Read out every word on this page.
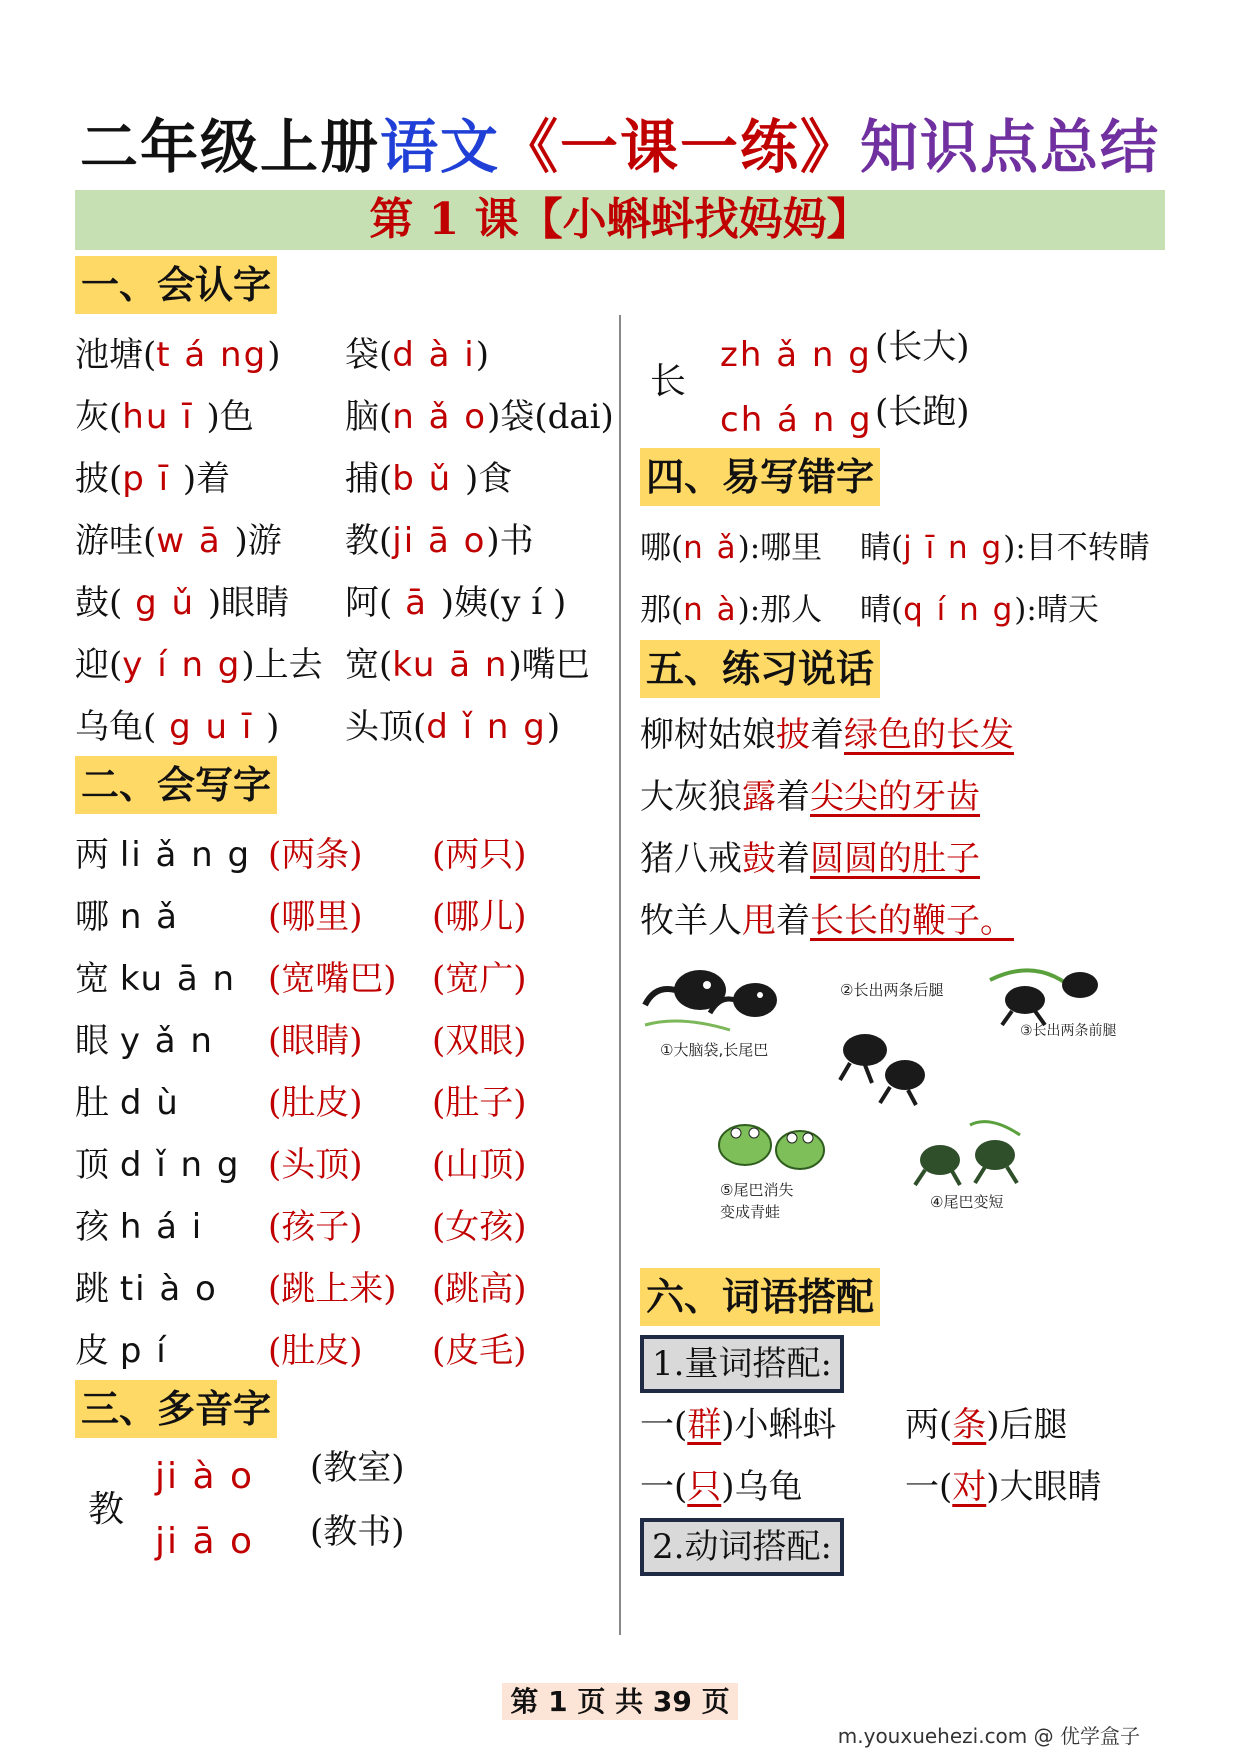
二年级上册语文《一课一练》知识点总结
第 1 课【小蝌蚪找妈妈】
一、会认字
池塘(t á ng) 袋(d à i)
灰(hu ī )色	脑(n ǎ o)袋(dai)
披(p ī )着	捕(b ǔ )食
游哇(w ā )游 教(ji ā o)书
鼓( g ǔ )眼睛 阿( ā )姨(y í )
迎(y í n g)上去 宽(ku ā n)嘴巴
乌龟( g u ī ) 头顶(d ǐ n g)
二、会写字
两 li ǎ n g (两条) (两只)
哪 n ǎ	(哪里) (哪儿)
宽 ku ā n (宽嘴巴) (宽广)
眼 y ǎ n (眼睛) (双眼)
肚 d ù	(肚皮) (肚子)
顶 d ǐ n g (头顶) (山顶)
孩 h á i (孩子) (女孩)
跳 ti à o (跳上来) (跳高)
皮 p í	(肚皮) (皮毛)
三、多音字
教
ji à o (教室)
ji ā o (教书)
长
zh ǎ n g (长大)
ch á n g (长跑)
四、易写错字
哪(n ǎ):哪里 睛(j ī n g):目不转睛
那(n à):那人 晴(q í n g):晴天
五、练习说话
柳树姑娘披着绿色的长发
大灰狼露着尖尖的牙齿
猪八戒鼓着圆圆的肚子
牧羊人甩着长长的鞭子。
①大脑袋,长尾巴
②长出两条后腿
③长出两条前腿
⑤尾巴消失
变成青蛙
④尾巴变短
六、词语搭配
1.量词搭配:
一(群)小蝌蚪 两(条)后腿
一(只)乌龟	一(对)大眼睛
2.动词搭配:
第 1 页 共 39 页
m.youxuehezi.com @ 优学盒子
